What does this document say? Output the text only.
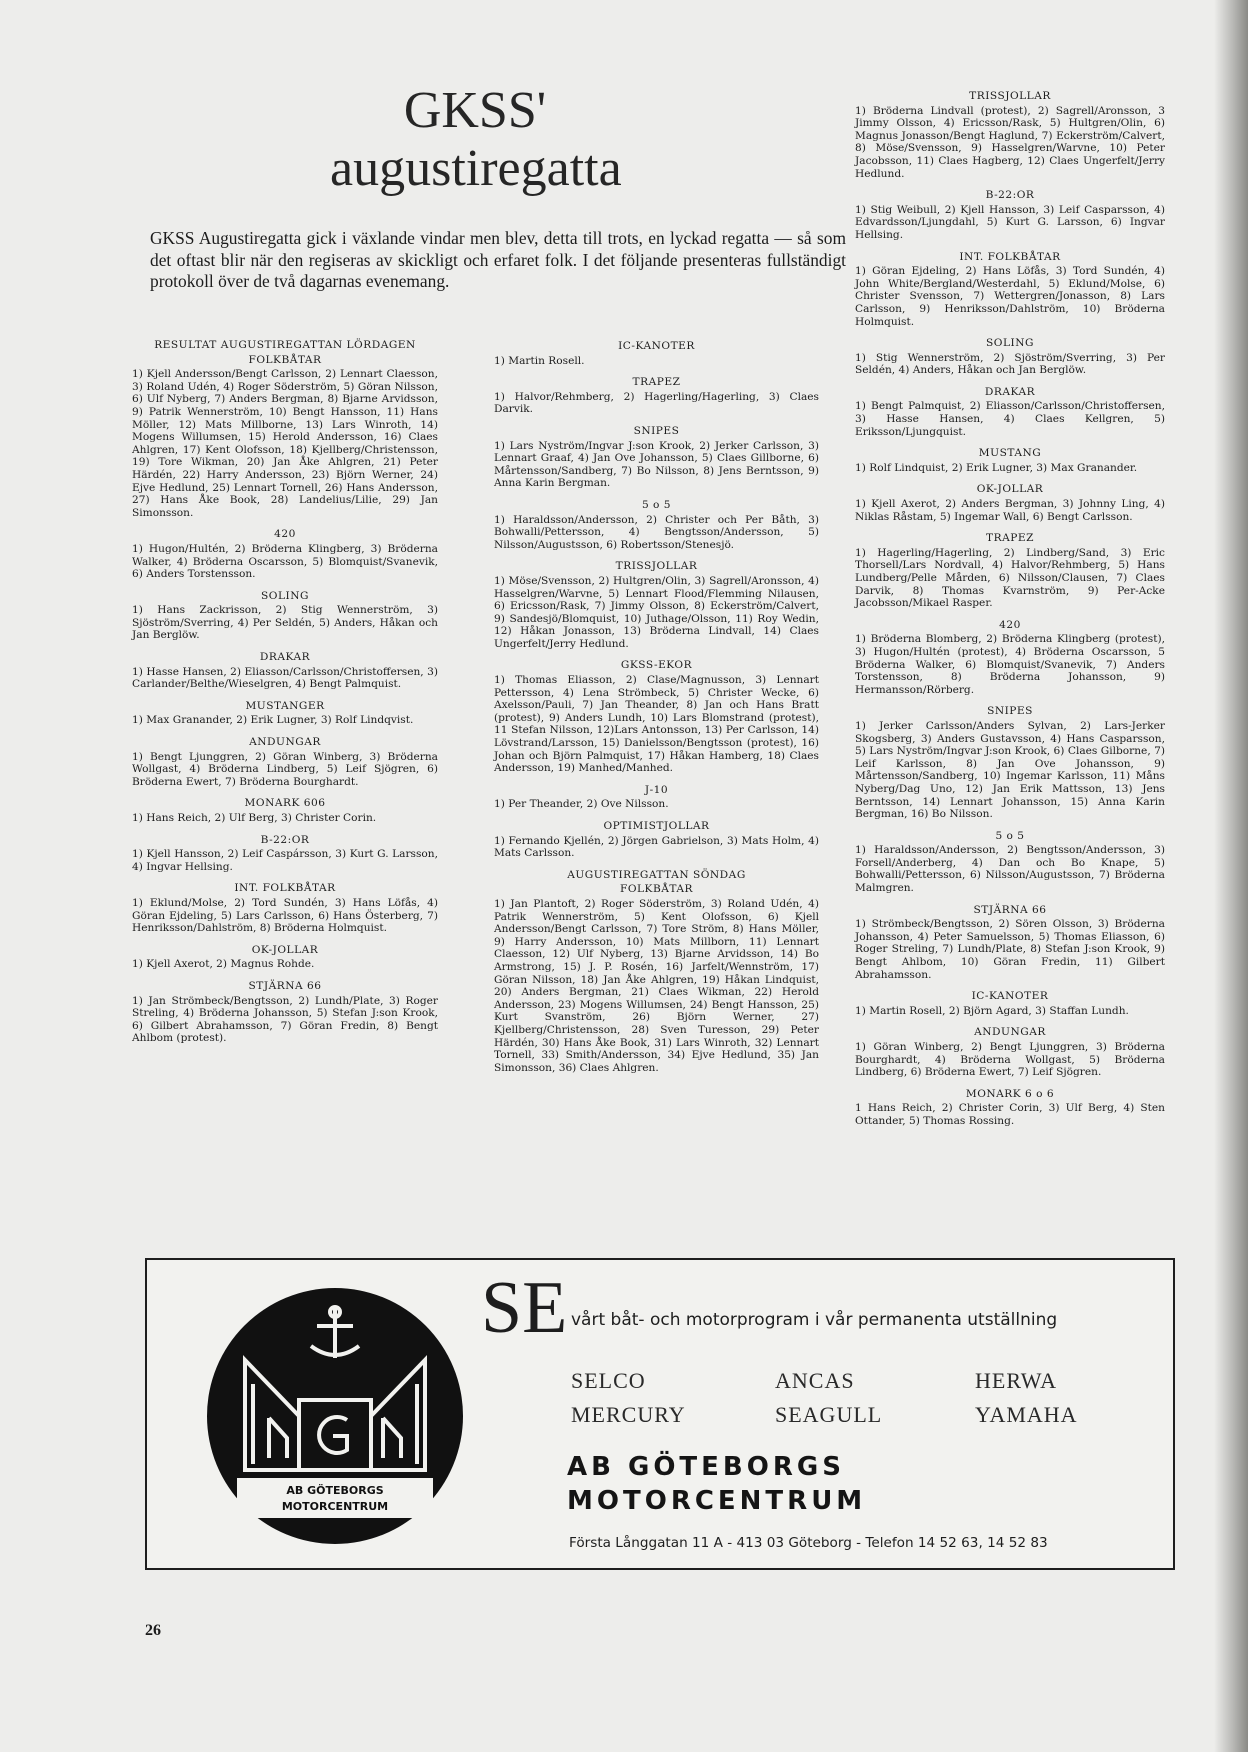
GKSS'
augustiregatta
GKSS Augustiregatta gick i växlande vindar men blev, detta till trots, en lyckad regatta — så som det oftast blir när den regiseras av skickligt och erfaret folk. I det följande presenteras fullständigt protokoll över de två dagarnas evenemang.
RESULTAT AUGUSTIREGATTAN LÖRDAGEN
FOLKBÅTAR
1) Kjell Andersson/Bengt Carlsson, 2) Lennart Claesson, 3) Roland Udén, 4) Roger Söderström, 5) Göran Nilsson, 6) Ulf Nyberg, 7) Anders Bergman, 8) Bjarne Arvidsson, 9) Patrik Wennerström, 10) Bengt Hansson, 11) Hans Möller, 12) Mats Millborne, 13) Lars Winroth, 14) Mogens Willumsen, 15) Herold Andersson, 16) Claes Ahlgren, 17) Kent Olofsson, 18) Kjellberg/Christensson, 19) Tore Wikman, 20) Jan Åke Ahlgren, 21) Peter Härdén, 22) Harry Andersson, 23) Björn Werner, 24) Ejve Hedlund, 25) Lennart Tornell, 26) Hans Andersson, 27) Hans Åke Book, 28) Landelius/Lilie, 29) Jan Simonsson.
420
1) Hugon/Hultén, 2) Bröderna Klingberg, 3) Bröderna Walker, 4) Bröderna Oscarsson, 5) Blomquist/Svanevik, 6) Anders Torstensson.
SOLING
1) Hans Zackrisson, 2) Stig Wennerström, 3) Sjöström/Sverring, 4) Per Seldén, 5) Anders, Håkan och Jan Berglöw.
DRAKAR
1) Hasse Hansen, 2) Eliasson/Carlsson/Christoffersen, 3) Carlander/Belthe/Wieselgren, 4) Bengt Palmquist.
MUSTANGER
1) Max Granander, 2) Erik Lugner, 3) Rolf Lindqvist.
ANDUNGAR
1) Bengt Ljunggren, 2) Göran Winberg, 3) Bröderna Wollgast, 4) Bröderna Lindberg, 5) Leif Sjögren, 6) Bröderna Ewert, 7) Bröderna Bourghardt.
MONARK 606
1) Hans Reich, 2) Ulf Berg, 3) Christer Corin.
B-22:OR
1) Kjell Hansson, 2) Leif Caspársson, 3) Kurt G. Larsson, 4) Ingvar Hellsing.
INT. FOLKBÅTAR
1) Eklund/Molse, 2) Tord Sundén, 3) Hans Löfås, 4) Göran Ejdeling, 5) Lars Carlsson, 6) Hans Österberg, 7) Henriksson/Dahlström, 8) Bröderna Holmquist.
OK-JOLLAR
1) Kjell Axerot, 2) Magnus Rohde.
STJÄRNA 66
1) Jan Strömbeck/Bengtsson, 2) Lundh/Plate, 3) Roger Streling, 4) Bröderna Johansson, 5) Stefan J:son Krook, 6) Gilbert Abrahamsson, 7) Göran Fredin, 8) Bengt Ahlbom (protest).
IC-KANOTER
1) Martin Rosell.
TRAPEZ
1) Halvor/Rehmberg, 2) Hagerling/Hagerling, 3) Claes Darvik.
SNIPES
1) Lars Nyström/Ingvar J:son Krook, 2) Jerker Carlsson, 3) Lennart Graaf, 4) Jan Ove Johansson, 5) Claes Gillborne, 6) Mårtensson/Sandberg, 7) Bo Nilsson, 8) Jens Berntsson, 9) Anna Karin Bergman.
5 o 5
1) Haraldsson/Andersson, 2) Christer och Per Båth, 3) Bohwalli/Pettersson, 4) Bengtsson/Andersson, 5) Nilsson/Augustsson, 6) Robertsson/Stenesjö.
TRISSJOLLAR
1) Möse/Svensson, 2) Hultgren/Olin, 3) Sagrell/Aronsson, 4) Hasselgren/Warvne, 5) Lennart Flood/Flemming Nilausen, 6) Ericsson/Rask, 7) Jimmy Olsson, 8) Eckerström/Calvert, 9) Sandesjö/Blomquist, 10) Juthage/Olsson, 11) Roy Wedin, 12) Håkan Jonasson, 13) Bröderna Lindvall, 14) Claes Ungerfelt/Jerry Hedlund.
GKSS-EKOR
1) Thomas Eliasson, 2) Clase/Magnusson, 3) Lennart Pettersson, 4) Lena Strömbeck, 5) Christer Wecke, 6) Axelsson/Pauli, 7) Jan Theander, 8) Jan och Hans Bratt (protest), 9) Anders Lundh, 10) Lars Blomstrand (protest), 11 Stefan Nilsson, 12)Lars Antonsson, 13) Per Carlsson, 14) Lövstrand/Larsson, 15) Danielsson/Bengtsson (protest), 16) Johan och Björn Palmquist, 17) Håkan Hamberg, 18) Claes Andersson, 19) Manhed/Manhed.
J-10
1) Per Theander, 2) Ove Nilsson.
OPTIMISTJOLLAR
1) Fernando Kjellén, 2) Jörgen Gabrielson, 3) Mats Holm, 4) Mats Carlsson.
AUGUSTIREGATTAN SÖNDAG
FOLKBÅTAR
1) Jan Plantoft, 2) Roger Söderström, 3) Roland Udén, 4) Patrik Wennerström, 5) Kent Olofsson, 6) Kjell Andersson/Bengt Carlsson, 7) Tore Ström, 8) Hans Möller, 9) Harry Andersson, 10) Mats Millborn, 11) Lennart Claesson, 12) Ulf Nyberg, 13) Bjarne Arvidsson, 14) Bo Armstrong, 15) J. P. Rosén, 16) Jarfelt/Wennström, 17) Göran Nilsson, 18) Jan Åke Ahlgren, 19) Håkan Lindquist, 20) Anders Bergman, 21) Claes Wikman, 22) Herold Andersson, 23) Mogens Willumsen, 24) Bengt Hansson, 25) Kurt Svanström, 26) Björn Werner, 27) Kjellberg/Christensson, 28) Sven Turesson, 29) Peter Härdén, 30) Hans Åke Book, 31) Lars Winroth, 32) Lennart Tornell, 33) Smith/Andersson, 34) Ejve Hedlund, 35) Jan Simonsson, 36) Claes Ahlgren.
TRISSJOLLAR
1) Bröderna Lindvall (protest), 2) Sagrell/Aronsson, 3 Jimmy Olsson, 4) Ericsson/Rask, 5) Hultgren/Olin, 6) Magnus Jonasson/Bengt Haglund, 7) Eckerström/Calvert, 8) Möse/Svensson, 9) Hasselgren/Warvne, 10) Peter Jacobsson, 11) Claes Hagberg, 12) Claes Ungerfelt/Jerry Hedlund.
B-22:OR
1) Stig Weibull, 2) Kjell Hansson, 3) Leif Casparsson, 4) Edvardsson/Ljungdahl, 5) Kurt G. Larsson, 6) Ingvar Hellsing.
INT. FOLKBÅTAR
1) Göran Ejdeling, 2) Hans Löfås, 3) Tord Sundén, 4) John White/Bergland/Westerdahl, 5) Eklund/Molse, 6) Christer Svensson, 7) Wettergren/Jonasson, 8) Lars Carlsson, 9) Henriksson/Dahlström, 10) Bröderna Holmquist.
SOLING
1) Stig Wennerström, 2) Sjöström/Sverring, 3) Per Seldén, 4) Anders, Håkan och Jan Berglöw.
DRAKAR
1) Bengt Palmquist, 2) Eliasson/Carlsson/Christoffersen, 3) Hasse Hansen, 4) Claes Kellgren, 5) Eriksson/Ljungquist.
MUSTANG
1) Rolf Lindquist, 2) Erik Lugner, 3) Max Granander.
OK-JOLLAR
1) Kjell Axerot, 2) Anders Bergman, 3) Johnny Ling, 4) Niklas Råstam, 5) Ingemar Wall, 6) Bengt Carlsson.
TRAPEZ
1) Hagerling/Hagerling, 2) Lindberg/Sand, 3) Eric Thorsell/Lars Nordvall, 4) Halvor/Rehmberg, 5) Hans Lundberg/Pelle Mården, 6) Nilsson/Clausen, 7) Claes Darvik, 8) Thomas Kvarnström, 9) Per-Acke Jacobsson/Mikael Rasper.
420
1) Bröderna Blomberg, 2) Bröderna Klingberg (protest), 3) Hugon/Hultén (protest), 4) Bröderna Oscarsson, 5 Bröderna Walker, 6) Blomquist/Svanevik, 7) Anders Torstensson, 8) Bröderna Johansson, 9) Hermansson/Rörberg.
SNIPES
1) Jerker Carlsson/Anders Sylvan, 2) Lars-Jerker Skogsberg, 3) Anders Gustavsson, 4) Hans Casparsson, 5) Lars Nyström/Ingvar J:son Krook, 6) Claes Gilborne, 7) Leif Karlsson, 8) Jan Ove Johansson, 9) Mårtensson/Sandberg, 10) Ingemar Karlsson, 11) Måns Nyberg/Dag Uno, 12) Jan Erik Mattsson, 13) Jens Berntsson, 14) Lennart Johansson, 15) Anna Karin Bergman, 16) Bo Nilsson.
5 o 5
1) Haraldsson/Andersson, 2) Bengtsson/Andersson, 3) Forsell/Anderberg, 4) Dan och Bo Knape, 5) Bohwalli/Pettersson, 6) Nilsson/Augustsson, 7) Bröderna Malmgren.
STJÄRNA 66
1) Strömbeck/Bengtsson, 2) Sören Olsson, 3) Bröderna Johansson, 4) Peter Samuelsson, 5) Thomas Eliasson, 6) Roger Streling, 7) Lundh/Plate, 8) Stefan J:son Krook, 9) Bengt Ahlbom, 10) Göran Fredin, 11) Gilbert Abrahamsson.
IC-KANOTER
1) Martin Rosell, 2) Björn Agard, 3) Staffan Lundh.
ANDUNGAR
1) Göran Winberg, 2) Bengt Ljunggren, 3) Bröderna Bourghardt, 4) Bröderna Wollgast, 5) Bröderna Lindberg, 6) Bröderna Ewert, 7) Leif Sjögren.
MONARK 6 o 6
1 Hans Reich, 2) Christer Corin, 3) Ulf Berg, 4) Sten Ottander, 5) Thomas Rossing.
AB GÖTEBORGS
MOTORCENTRUM
SE vårt båt- och motorprogram i vår permanenta utställning
SELCO	ANCAS	HERWA
MERCURY	SEAGULL	YAMAHA
AB GÖTEBORGS
MOTORCENTRUM
Första Långgatan 11 A - 413 03 Göteborg - Telefon 14 52 63, 14 52 83
26
